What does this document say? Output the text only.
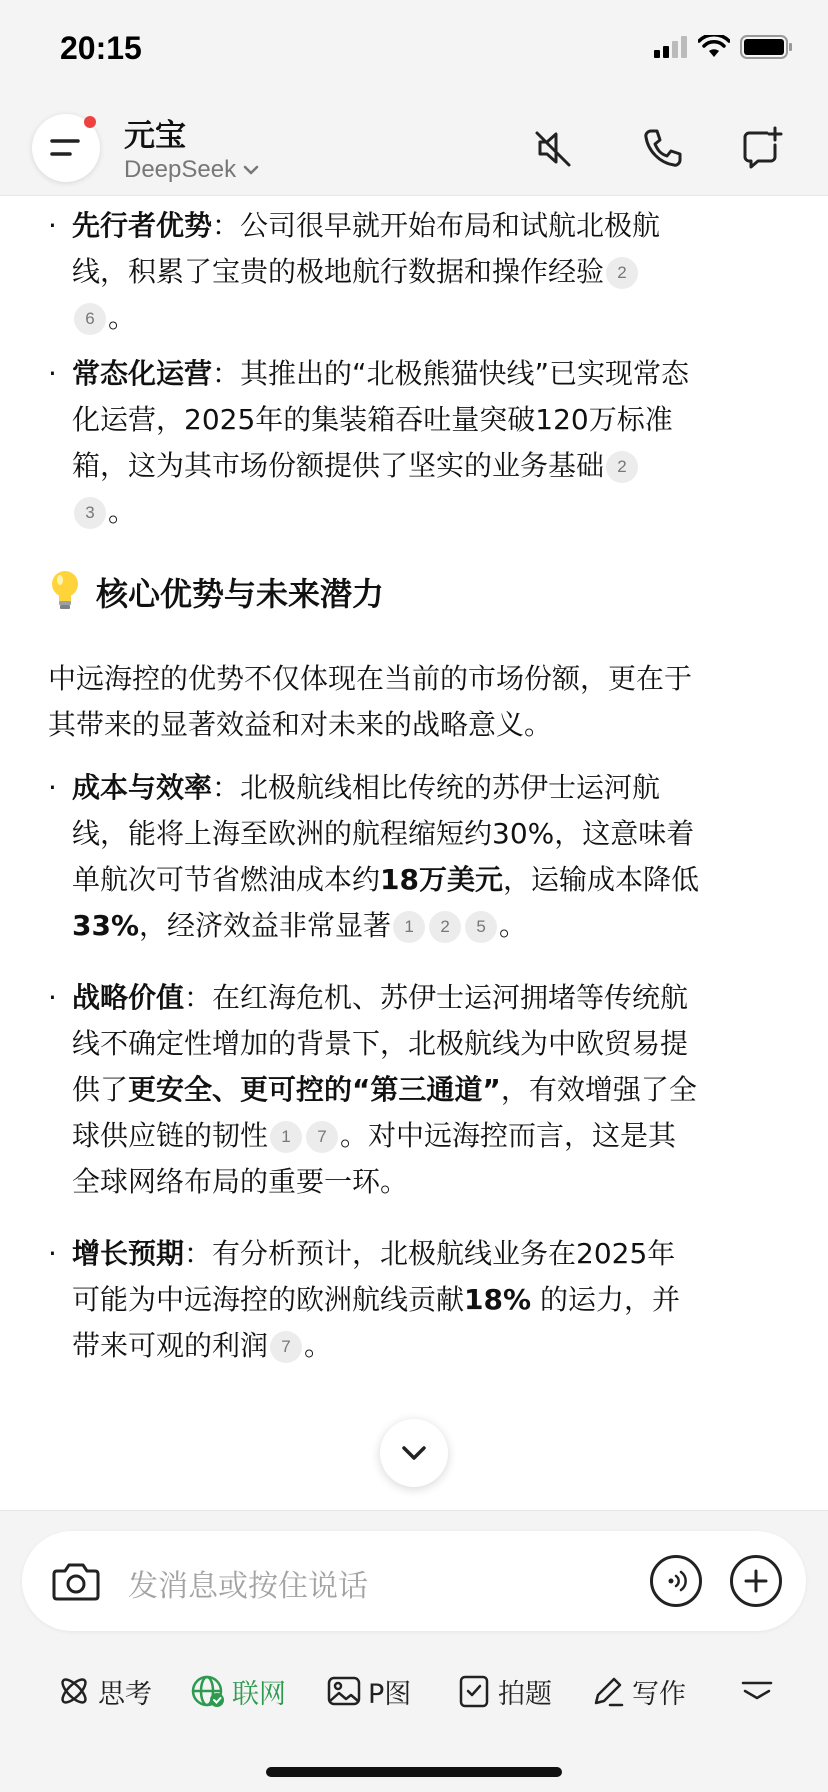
20:15
元宝
DeepSeek
· 先行者优势：公司很早就开始布局和试航北极航
线，积累了宝贵的极地航行数据和操作经验 2
6 。
· 常态化运营：其推出的“北极熊猫快线”已实现常态
化运营，2025年的集装箱吞吐量突破120万标准
箱，这为其市场份额提供了坚实的业务基础 2
3 。
核心优势与未来潜力
中远海控的优势不仅体现在当前的市场份额，更在于
其带来的显著效益和对未来的战略意义。
· 成本与效率：北极航线相比传统的苏伊士运河航
线，能将上海至欧洲的航程缩短约30%，这意味着
单航次可节省燃油成本约18万美元，运输成本降低
33%，经济效益非常显著 1 2 5 。
· 战略价值：在红海危机、苏伊士运河拥堵等传统航
线不确定性增加的背景下，北极航线为中欧贸易提
供了更安全、更可控的“第三通道”，有效增强了全
球供应链的韧性 1 7 。对中远海控而言，这是其
全球网络布局的重要一环。
· 增长预期：有分析预计，北极航线业务在2025年
可能为中远海控的欧洲航线贡献18% 的运力，并
带来可观的利润 7 。
发消息或按住说话
思考	联网	P图	拍题	写作
